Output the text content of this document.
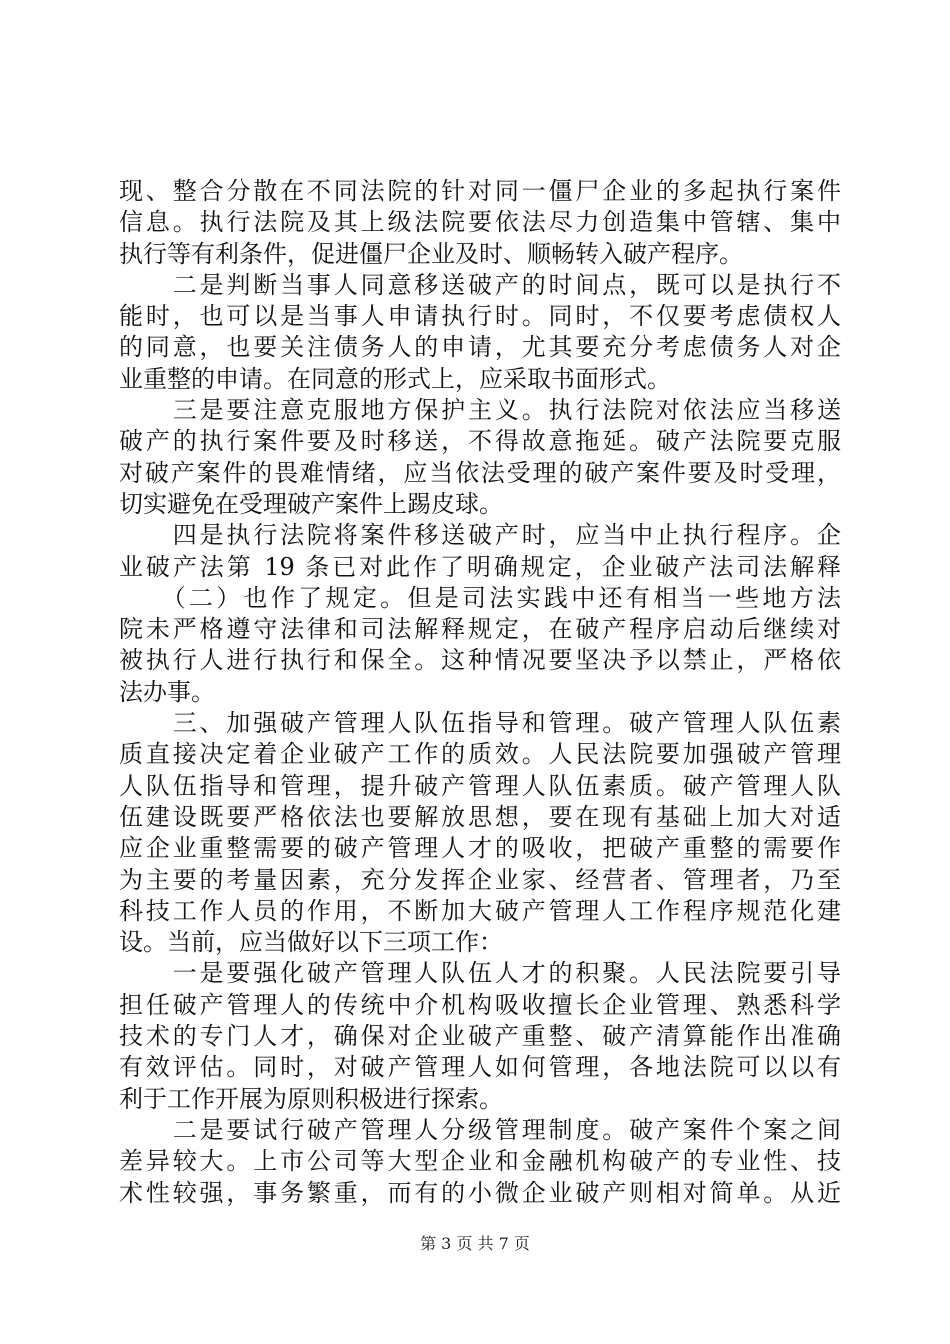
现、整合分散在不同法院的针对同一僵尸企业的多起执行案件
信息。执行法院及其上级法院要依法尽力创造集中管辖、集中
执行等有利条件，促进僵尸企业及时、顺畅转入破产程序。
　　二是判断当事人同意移送破产的时间点，既可以是执行不
能时，也可以是当事人申请执行时。同时，不仅要考虑债权人
的同意，也要关注债务人的申请，尤其要充分考虑债务人对企
业重整的申请。在同意的形式上，应采取书面形式。
　　三是要注意克服地方保护主义。执行法院对依法应当移送
破产的执行案件要及时移送，不得故意拖延。破产法院要克服
对破产案件的畏难情绪，应当依法受理的破产案件要及时受理，
切实避免在受理破产案件上踢皮球。
　　四是执行法院将案件移送破产时，应当中止执行程序。企
业破产法第 19 条已对此作了明确规定，企业破产法司法解释
　　（二）也作了规定。但是司法实践中还有相当一些地方法
院未严格遵守法律和司法解释规定，在破产程序启动后继续对
被执行人进行执行和保全。这种情况要坚决予以禁止，严格依
法办事。
　　三、加强破产管理人队伍指导和管理。破产管理人队伍素
质直接决定着企业破产工作的质效。人民法院要加强破产管理
人队伍指导和管理，提升破产管理人队伍素质。破产管理人队
伍建设既要严格依法也要解放思想，要在现有基础上加大对适
应企业重整需要的破产管理人才的吸收，把破产重整的需要作
为主要的考量因素，充分发挥企业家、经营者、管理者，乃至
科技工作人员的作用，不断加大破产管理人工作程序规范化建
设。当前，应当做好以下三项工作：
　　一是要强化破产管理人队伍人才的积聚。人民法院要引导
担任破产管理人的传统中介机构吸收擅长企业管理、熟悉科学
技术的专门人才，确保对企业破产重整、破产清算能作出准确
有效评估。同时，对破产管理人如何管理，各地法院可以以有
利于工作开展为原则积极进行探索。
　　二是要试行破产管理人分级管理制度。破产案件个案之间
差异较大。上市公司等大型企业和金融机构破产的专业性、技
术性较强，事务繁重，而有的小微企业破产则相对简单。从近
第 3 页 共 7 页
